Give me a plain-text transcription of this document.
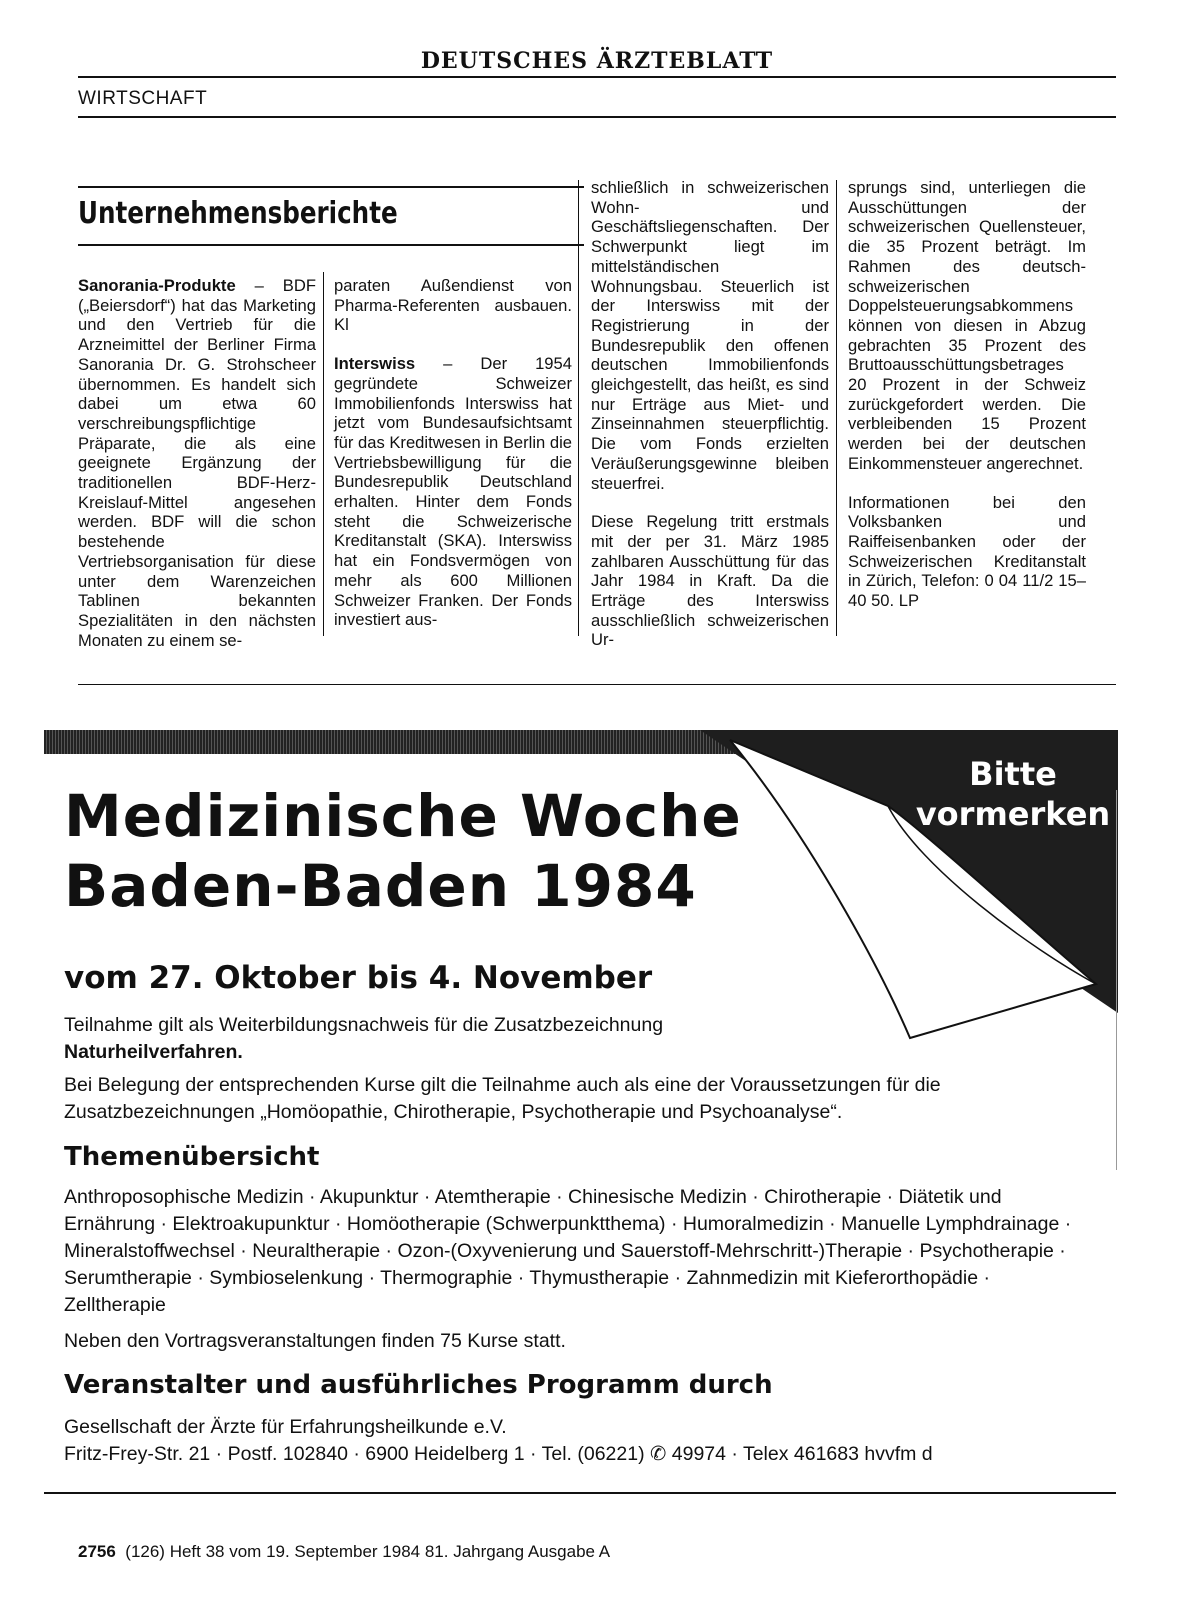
DEUTSCHES ÄRZTEBLATT
WIRTSCHAFT
Unternehmensberichte

Sanorania-Produkte – BDF („Beiersdorf“) hat das Marketing und den Vertrieb für die Arzneimittel der Berliner Firma Sanorania Dr. G. Strohscheer übernommen. Es handelt sich dabei um etwa 60 verschreibungspflichtige Präparate, die als eine geeignete Ergänzung der traditionellen BDF-Herz-Kreislauf-Mittel angesehen werden. BDF will die schon bestehende Vertriebsorganisation für diese unter dem Warenzeichen Tablinen bekannten Spezialitäten in den nächsten Monaten zu einem se-

paraten Außendienst von Pharma-Referenten ausbauen. Kl

Interswiss – Der 1954 gegründete Schweizer Immobilienfonds Interswiss hat jetzt vom Bundesaufsichtsamt für das Kreditwesen in Berlin die Vertriebsbewilligung für die Bundesrepublik Deutschland erhalten. Hinter dem Fonds steht die Schweizerische Kreditanstalt (SKA). Interswiss hat ein Fondsvermögen von mehr als 600 Millionen Schweizer Franken. Der Fonds investiert aus-

schließlich in schweizerischen Wohn- und Geschäftsliegenschaften. Der Schwerpunkt liegt im mittelständischen Wohnungsbau. Steuerlich ist der Interswiss mit der Registrierung in der Bundesrepublik den offenen deutschen Immobilienfonds gleichgestellt, das heißt, es sind nur Erträge aus Miet- und Zinseinnahmen steuerpflichtig. Die vom Fonds erzielten Veräußerungsgewinne bleiben steuerfrei.

Diese Regelung tritt erstmals mit der per 31. März 1985 zahlbaren Ausschüttung für das Jahr 1984 in Kraft. Da die Erträge des Interswiss ausschließlich schweizerischen Ur-

sprungs sind, unterliegen die Ausschüttungen der schweizerischen Quellensteuer, die 35 Prozent beträgt. Im Rahmen des deutsch-schweizerischen Doppelsteuerungsabkommens können von diesen in Abzug gebrachten 35 Prozent des Bruttoausschüttungsbetrages 20 Prozent in der Schweiz zurückgefordert werden. Die verbleibenden 15 Prozent werden bei der deutschen Einkommensteuer angerechnet.

Informationen bei den Volksbanken und Raiffeisenbanken oder der Schweizerischen Kreditanstalt in Zürich, Telefon: 0 04 11/2 15–40 50. LP

Bitte
vormerken
Medizinische Woche
Baden-Baden 1984
vom 27. Oktober bis 4. November
Teilnahme gilt als Weiterbildungsnachweis für die Zusatzbezeichnung
Naturheilverfahren.
Bei Belegung der entsprechenden Kurse gilt die Teilnahme auch als eine der Voraussetzungen für die
Zusatzbezeichnungen „Homöopathie, Chirotherapie, Psychotherapie und Psychoanalyse“.
Themenübersicht
Anthroposophische Medizin · Akupunktur · Atemtherapie · Chinesische Medizin · Chirotherapie · Diätetik und Ernährung · Elektroakupunktur · Homöotherapie (Schwerpunktthema) · Humoralmedizin · Manuelle Lymphdrainage · Mineralstoffwechsel · Neuraltherapie · Ozon-(Oxyvenierung und Sauerstoff-Mehrschritt-)Therapie · Psychotherapie · Serumtherapie · Symbioselenkung · Thermographie · Thymustherapie · Zahnmedizin mit Kieferorthopädie · Zelltherapie
Neben den Vortragsveranstaltungen finden 75 Kurse statt.
Veranstalter und ausführliches Programm durch
Gesellschaft der Ärzte für Erfahrungsheilkunde e.V.
Fritz-Frey-Str. 21 · Postf. 102840 · 6900 Heidelberg 1 · Tel. (06221) ✆ 49974 · Telex 461683 hvvfm d
2756 (126) Heft 38 vom 19. September 1984 81. Jahrgang Ausgabe A
